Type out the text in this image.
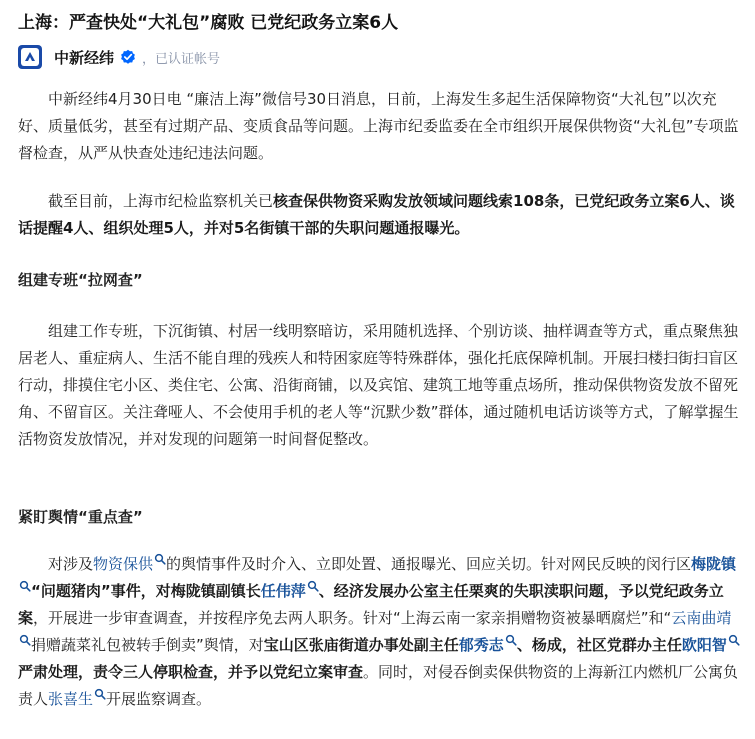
上海：严查快处“大礼包”腐败 已党纪政务立案6人
中新经纬 ，已认证帐号

中新经纬4月30日电 “廉洁上海”微信号30日消息，日前，上海发生多起生活保障物资“大礼包”以次充好、质量低劣，甚至有过期产品、变质食品等问题。上海市纪委监委在全市组织开展保供物资“大礼包”专项监督检查，从严从快查处违纪违法问题。

截至目前，上海市纪检监察机关已核查保供物资采购发放领域问题线索108条，已党纪政务立案6人、谈话提醒4人、组织处理5人，并对5名街镇干部的失职问题通报曝光。

组建专班“拉网查”

组建工作专班，下沉街镇、村居一线明察暗访，采用随机选择、个别访谈、抽样调查等方式，重点聚焦独居老人、重症病人、生活不能自理的残疾人和特困家庭等特殊群体，强化托底保障机制。开展扫楼扫街扫盲区行动，排摸住宅小区、类住宅、公寓、沿街商铺，以及宾馆、建筑工地等重点场所，推动保供物资发放不留死角、不留盲区。关注聋哑人、不会使用手机的老人等“沉默少数”群体，通过随机电话访谈等方式，了解掌握生活物资发放情况，并对发现的问题第一时间督促整改。

紧盯舆情“重点查”

对涉及物资保供 的舆情事件及时介入、立即处置、通报曝光、回应关切。针对网民反映的闵行区梅陇镇“问题猪肉”事件，对梅陇镇副镇长任伟萍 、经济发展办公室主任栗爽的失职渎职问题，予以党纪政务立案，开展进一步审查调查，并按程序免去两人职务。针对“上海云南一家亲捐赠物资被暴晒腐烂”和“云南曲靖捐赠蔬菜礼包被转手倒卖”舆情，对宝山区张庙街道办事处副主任郁秀志 、杨成，社区党群办主任欧阳智严肃处理，责令三人停职检查，并予以党纪立案审查。同时，对侵吞倒卖保供物资的上海新江内燃机厂公寓负责人张喜生 开展监察调查。
